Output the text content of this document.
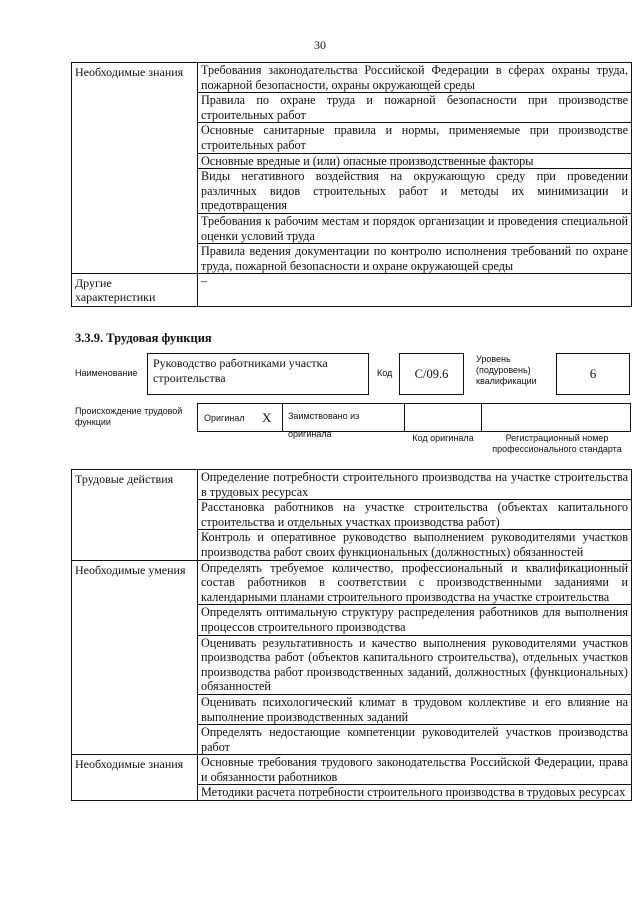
30
Необходимые знания	Требования законодательства Российской Федерации в сферах охраны труда, пожарной безопасности, охраны окружающей среды
	Правила по охране труда и пожарной безопасности при производстве строительных работ
	Основные санитарные правила и нормы, применяемые при производстве строительных работ
	Основные вредные и (или) опасные производственные факторы
	Виды негативного воздействия на окружающую среду при проведении различных видов строительных работ и методы их минимизации и предотвращения
	Требования к рабочим местам и порядок организации и проведения специальной оценки условий труда
	Правила ведения документации по контролю исполнения требований по охране труда, пожарной безопасности и охране окружающей среды
Другие характеристики	–
3.3.9. Трудовая функция
Наименование
Руководство работниками участка строительства	Код	С/09.6
Уровень (подуровень) квалификации	6
Происхождение трудовой функции	Оригинал X	Заимствовано из оригинала	Код оригинала	Регистрационный номер профессионального стандарта
Трудовые действия	Определение потребности строительного производства на участке строительства в трудовых ресурсах
	Расстановка работников на участке строительства (объектах капитального строительства и отдельных участках производства работ)
	Контроль и оперативное руководство выполнением руководителями участков производства работ своих функциональных (должностных) обязанностей
Необходимые умения	Определять требуемое количество, профессиональный и квалификационный состав работников в соответствии с производственными заданиями и календарными планами строительного производства на участке строительства
	Определять оптимальную структуру распределения работников для выполнения процессов строительного производства
	Оценивать результативность и качество выполнения руководителями участков производства работ (объектов капитального строительства), отдельных участков производства работ производственных заданий, должностных (функциональных) обязанностей
	Оценивать психологический климат в трудовом коллективе и его влияние на выполнение производственных заданий
	Определять недостающие компетенции руководителей участков производства работ
Необходимые знания	Основные требования трудового законодательства Российской Федерации, права и обязанности работников
	Методики расчета потребности строительного производства в трудовых ресурсах
